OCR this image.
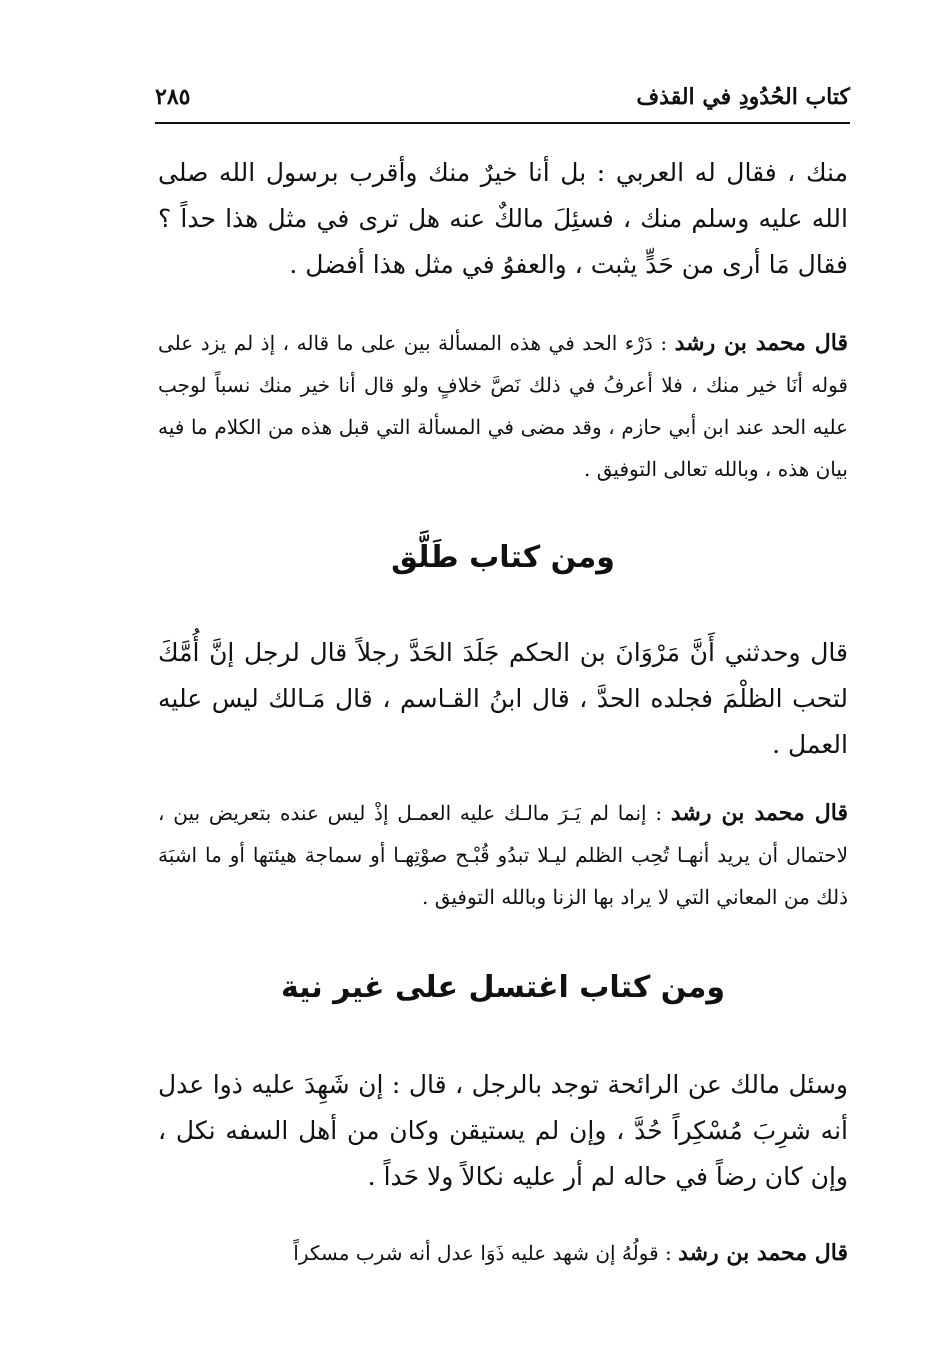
كتاب الحُدُودِ في القذف
٢٨٥

منك ، فقال له العربي : بل أنا خيرٌ منك وأقرب برسول الله صلى الله عليه وسلم منك ، فسئِلَ مالكٌ عنه هل ترى في مثل هذا حداً ؟ فقال مَا أرى من حَدٍّ يثبت ، والعفوُ في مثل هذا أفضل .

قال محمد بن رشد : دَرْء الحد في هذه المسألة بين على ما قاله ، إذ لم يزد على قوله أنَا خير منك ، فلا أعرفُ في ذلك نَصَّ خلافٍ ولو قال أنا خير منك نسباً لوجب عليه الحد عند ابن أبي حازم ، وقد مضى في المسألة التي قبل هذه من الكلام ما فيه بيان هذه ، وبالله تعالى التوفيق .

ومن كتاب طَلَّق

قال وحدثني أَنَّ مَرْوَانَ بن الحكم جَلَدَ الحَدَّ رجلاً قال لرجل إنَّ أُمَّكَ لتحب الظلْمَ فجلده الحدَّ ، قال ابنُ القـاسم ، قال مَـالك ليس عليه العمل .

قال محمد بن رشد : إنما لم يَـرَ مالـك عليه العمـل إذْ ليس عنده بتعريض بين ، لاحتمال أن يريد أنهـا تُحِب الظلم ليـلا تبدُو قُبْـح صوْتِهـا أو سماجة هيئتها أو ما اشبَهَ ذلك من المعاني التي لا يراد بها الزنا وبالله التوفيق .

ومن كتاب اغتسل على غير نية

وسئل مالك عن الرائحة توجد بالرجل ، قال : إن شَهِدَ عليه ذوا عدل أنه شرِبَ مُسْكِراً حُدَّ ، وإن لم يستيقن وكان من أهل السفه نكل ، وإن كان رضاً في حاله لم أر عليه نكالاً ولا حَداً .

قال محمد بن رشد : قولُهُ إن شهد عليه ذَوَا عدل أنه شرب مسكراً
